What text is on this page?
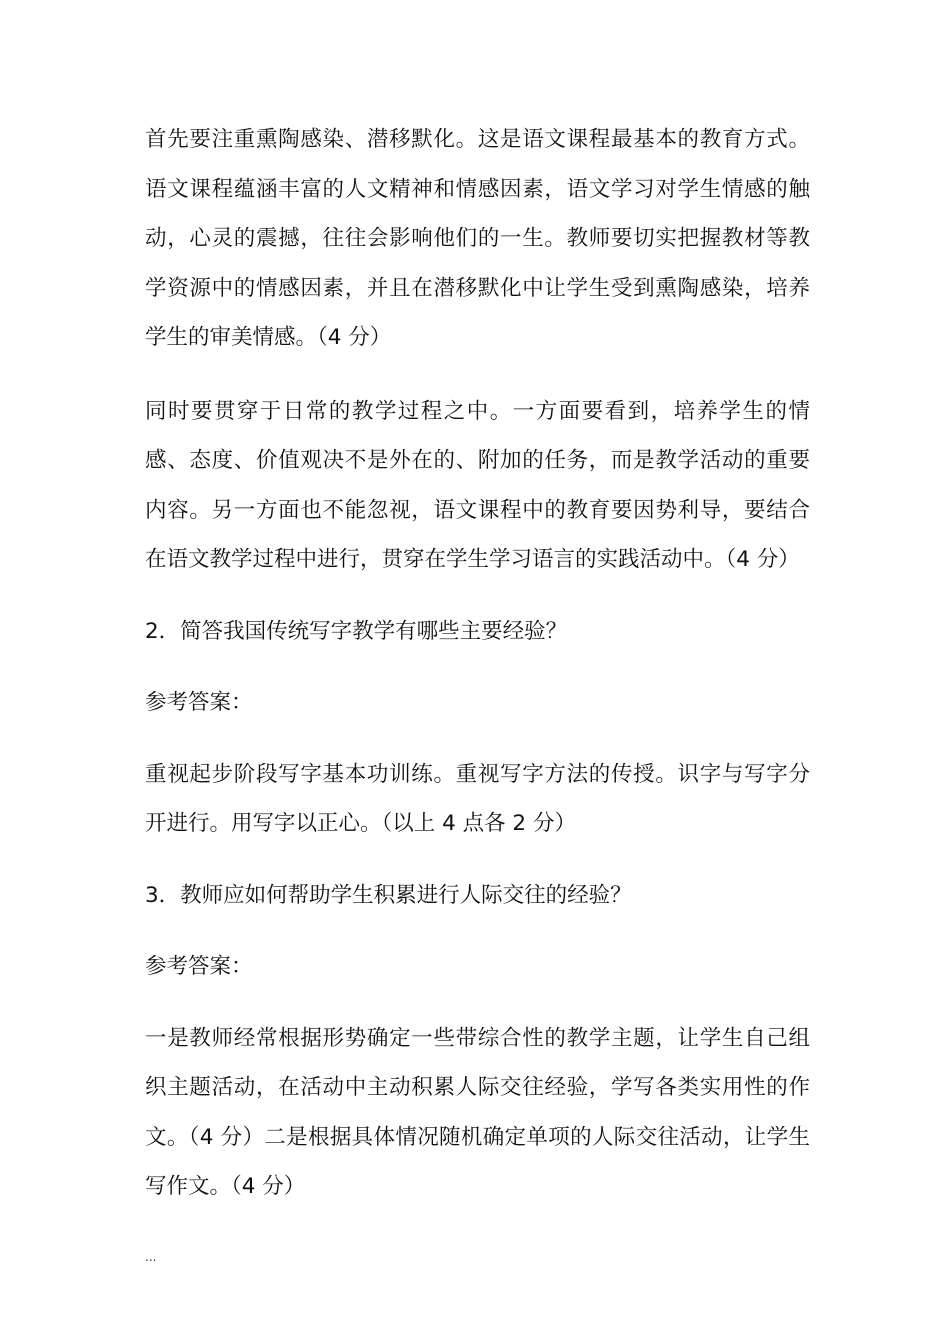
首先要注重熏陶感染、潜移默化。这是语文课程最基本的教育方式。语文课程蕴涵丰富的人文精神和情感因素，语文学习对学生情感的触动，心灵的震撼，往往会影响他们的一生。教师要切实把握教材等教学资源中的情感因素，并且在潜移默化中让学生受到熏陶感染，培养学生的审美情感。（4 分）

同时要贯穿于日常的教学过程之中。一方面要看到，培养学生的情感、态度、价值观决不是外在的、附加的任务，而是教学活动的重要内容。另一方面也不能忽视，语文课程中的教育要因势利导，要结合在语文教学过程中进行，贯穿在学生学习语言的实践活动中。（4 分）

2．简答我国传统写字教学有哪些主要经验？

参考答案：

重视起步阶段写字基本功训练。重视写字方法的传授。识字与写字分开进行。用写字以正心。（以上 4 点各 2 分）

3．教师应如何帮助学生积累进行人际交往的经验？

参考答案：

一是教师经常根据形势确定一些带综合性的教学主题，让学生自己组织主题活动，在活动中主动积累人际交往经验，学写各类实用性的作文。（4 分）二是根据具体情况随机确定单项的人际交往活动，让学生写作文。（4 分）

...
